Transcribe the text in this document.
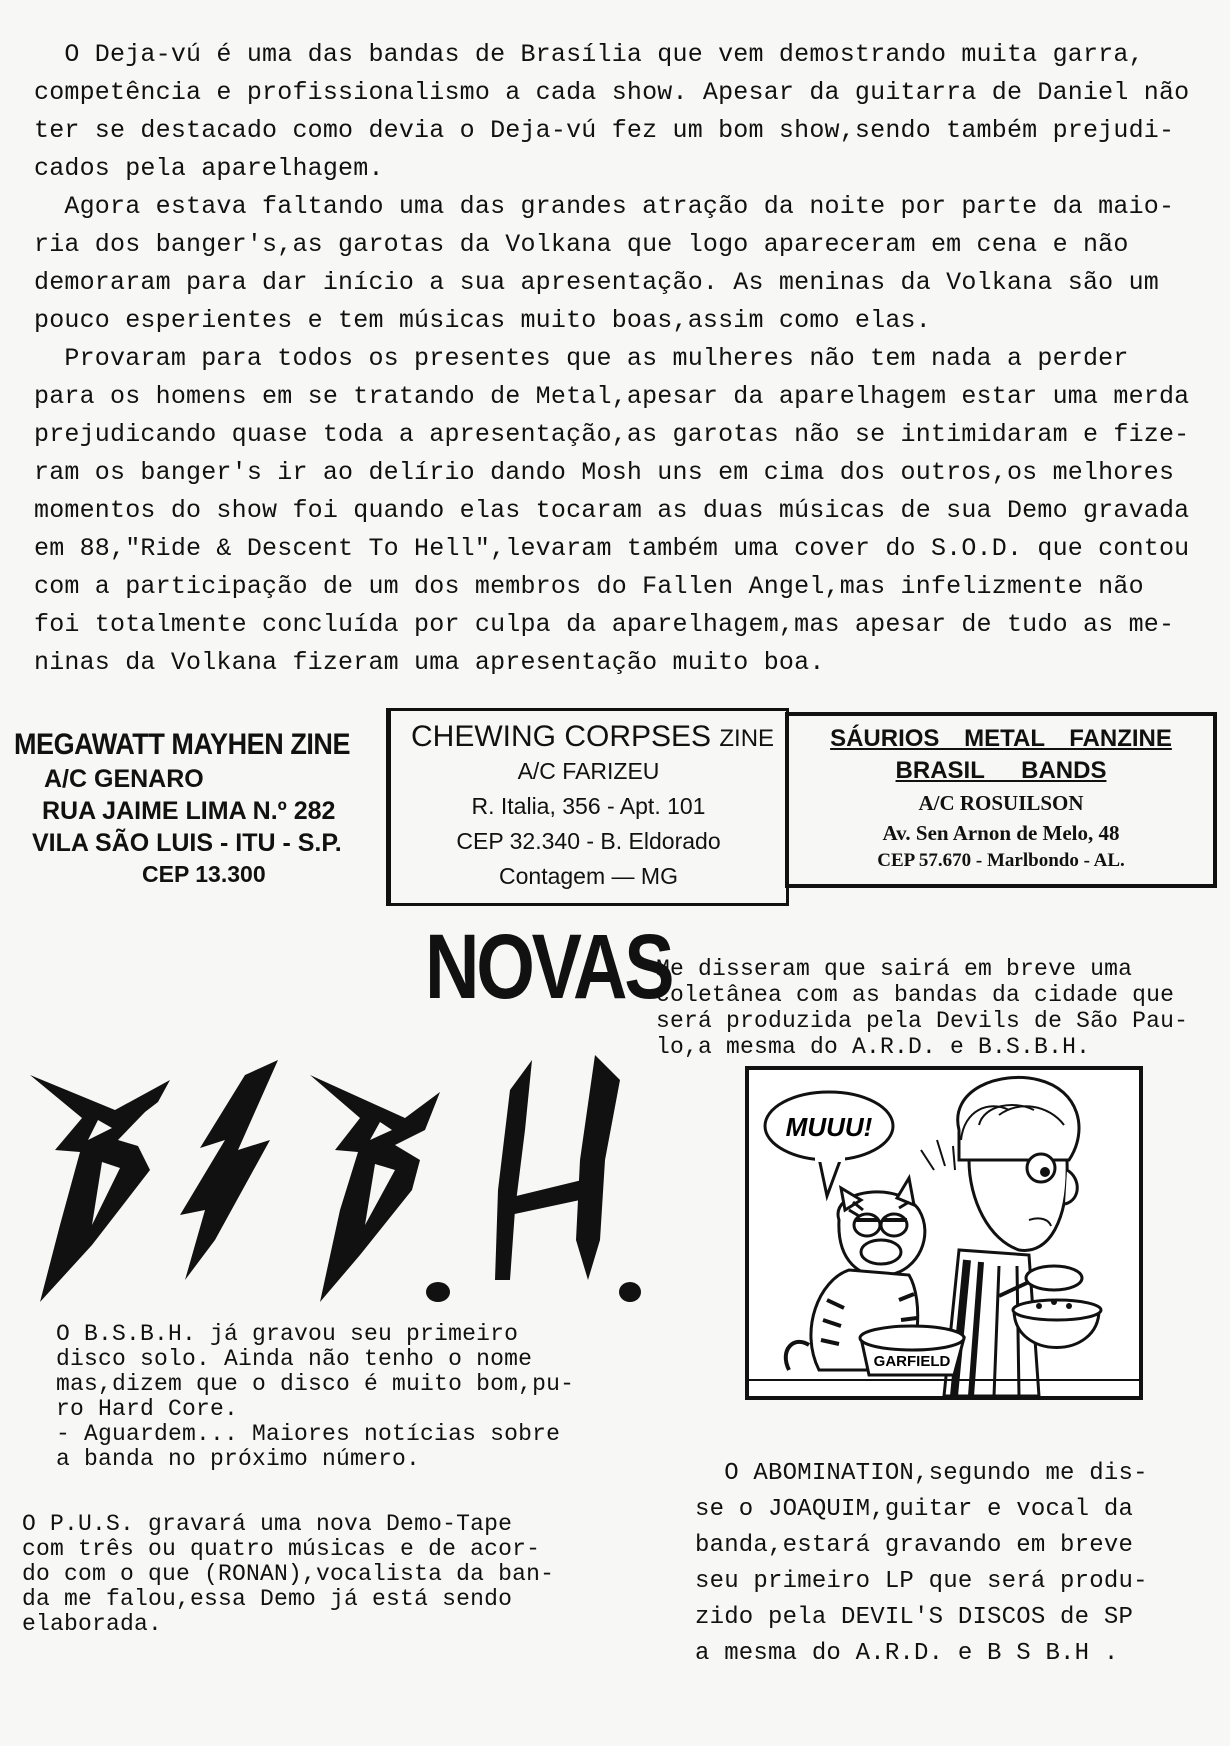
O Deja-vú é uma das bandas de Brasília que vem demostrando muita garra,
competência e profissionalismo a cada show. Apesar da guitarra de Daniel não
ter se destacado como devia o Deja-vú fez um bom show,sendo também prejudi-
cados pela aparelhagem.

Agora estava faltando uma das grandes atração da noite por parte da maio-
ria dos banger's,as garotas da Volkana que logo apareceram em cena e não
demoraram para dar início a sua apresentação. As meninas da Volkana são um
pouco esperientes e tem músicas muito boas,assim como elas.

Provaram para todos os presentes que as mulheres não tem nada a perder
para os homens em se tratando de Metal,apesar da aparelhagem estar uma merda
prejudicando quase toda a apresentação,as garotas não se intimidaram e fize-
ram os banger's ir ao delírio dando Mosh uns em cima dos outros,os melhores
momentos do show foi quando elas tocaram as duas músicas de sua Demo gravada
em 88,"Ride & Descent To Hell",levaram também uma cover do S.O.D. que contou
com a participação de um dos membros do Fallen Angel,mas infelizmente não
foi totalmente concluída por culpa da aparelhagem,mas apesar de tudo as me-
ninas da Volkana fizeram uma apresentação muito boa.

MEGAWATT MAYHEN ZINE
A/C GENARO
RUA JAIME LIMA N.º 282
VILA SÃO LUIS - ITU - S.P.
CEP 13.300
CHEWING CORPSES ZINE
A/C FARIZEU
R. Italia, 356 - Apt. 101
CEP 32.340 - B. Eldorado
Contagem — MG
SÁURIOS METAL FANZINE
BRASIL BANDS
A/C ROSUILSON
Av. Sen Arnon de Melo, 48
CEP 57.670 - Marlbondo - AL.
NOVAS

Me disseram que sairá em breve uma
coletânea com as bandas da cidade que
será produzida pela Devils de São Pau-
lo,a mesma do A.R.D. e B.S.B.H.

MUUU!
GARFIELD

O B.S.B.H. já gravou seu primeiro
disco solo. Ainda não tenho o nome
mas,dizem que o disco é muito bom,pu-
ro Hard Core.
- Aguardem... Maiores notícias sobre
a banda no próximo número.

O P.U.S. gravará uma nova Demo-Tape
com três ou quatro músicas e de acor-
do com o que (RONAN),vocalista da ban-
da me falou,essa Demo já está sendo
elaborada.

O ABOMINATION,segundo me dis-
se o JOAQUIM,guitar e vocal da
banda,estará gravando em breve
seu primeiro LP que será produ-
zido pela DEVIL'S DISCOS de SP
a mesma do A.R.D. e B S B.H .
